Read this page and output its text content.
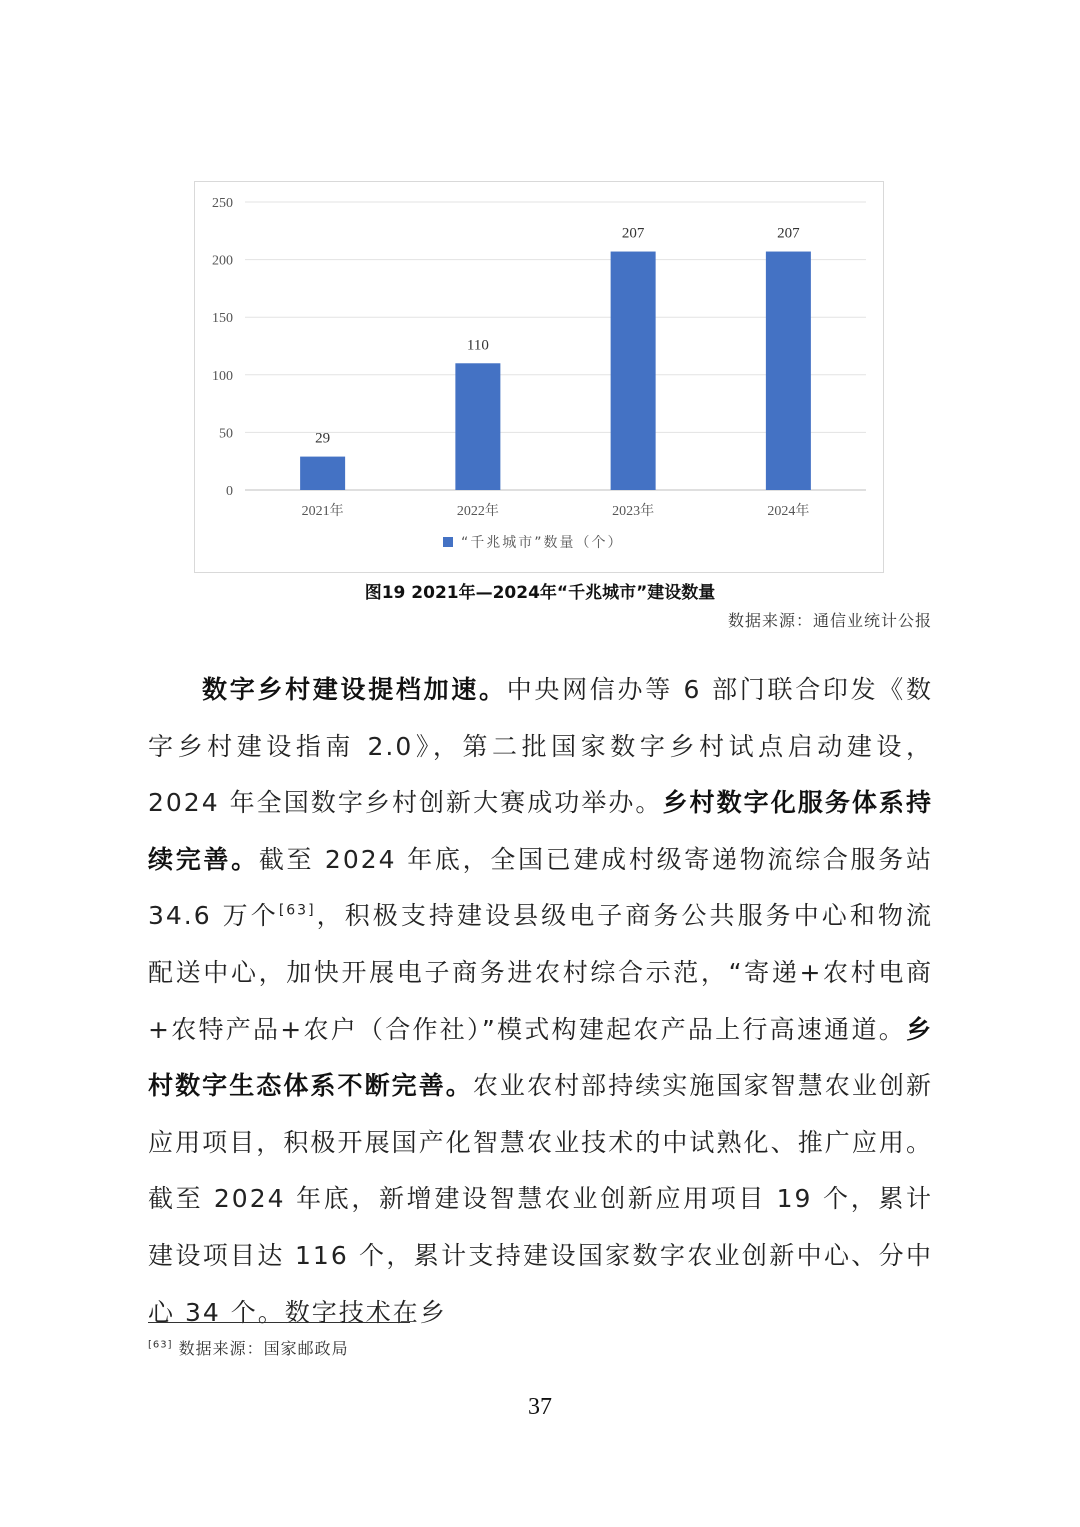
0
50
100
150
200
250
29
2021年
110
2022年
207
2023年
207
2024年
“千兆城市”数量（个）
图19 2021年—2024年“千兆城市”建设数量
数据来源：通信业统计公报

数字乡村建设提档加速。中央网信办等 6 部门联合印发《数字乡村建设指南 2.0》，第二批国家数字乡村试点启动建设，2024 年全国数字乡村创新大赛成功举办。乡村数字化服务体系持续完善。截至 2024 年底，全国已建成村级寄递物流综合服务站 34.6 万个[63]，积极支持建设县级电子商务公共服务中心和物流配送中心，加快开展电子商务进农村综合示范，“寄递+农村电商+农特产品+农户（合作社）”模式构建起农产品上行高速通道。乡村数字生态体系不断完善。农业农村部持续实施国家智慧农业创新应用项目，积极开展国产化智慧农业技术的中试熟化、推广应用。截至 2024 年底，新增建设智慧农业创新应用项目 19 个，累计建设项目达 116 个，累计支持建设国家数字农业创新中心、分中心 34 个。数字技术在乡

[63] 数据来源：国家邮政局
37
